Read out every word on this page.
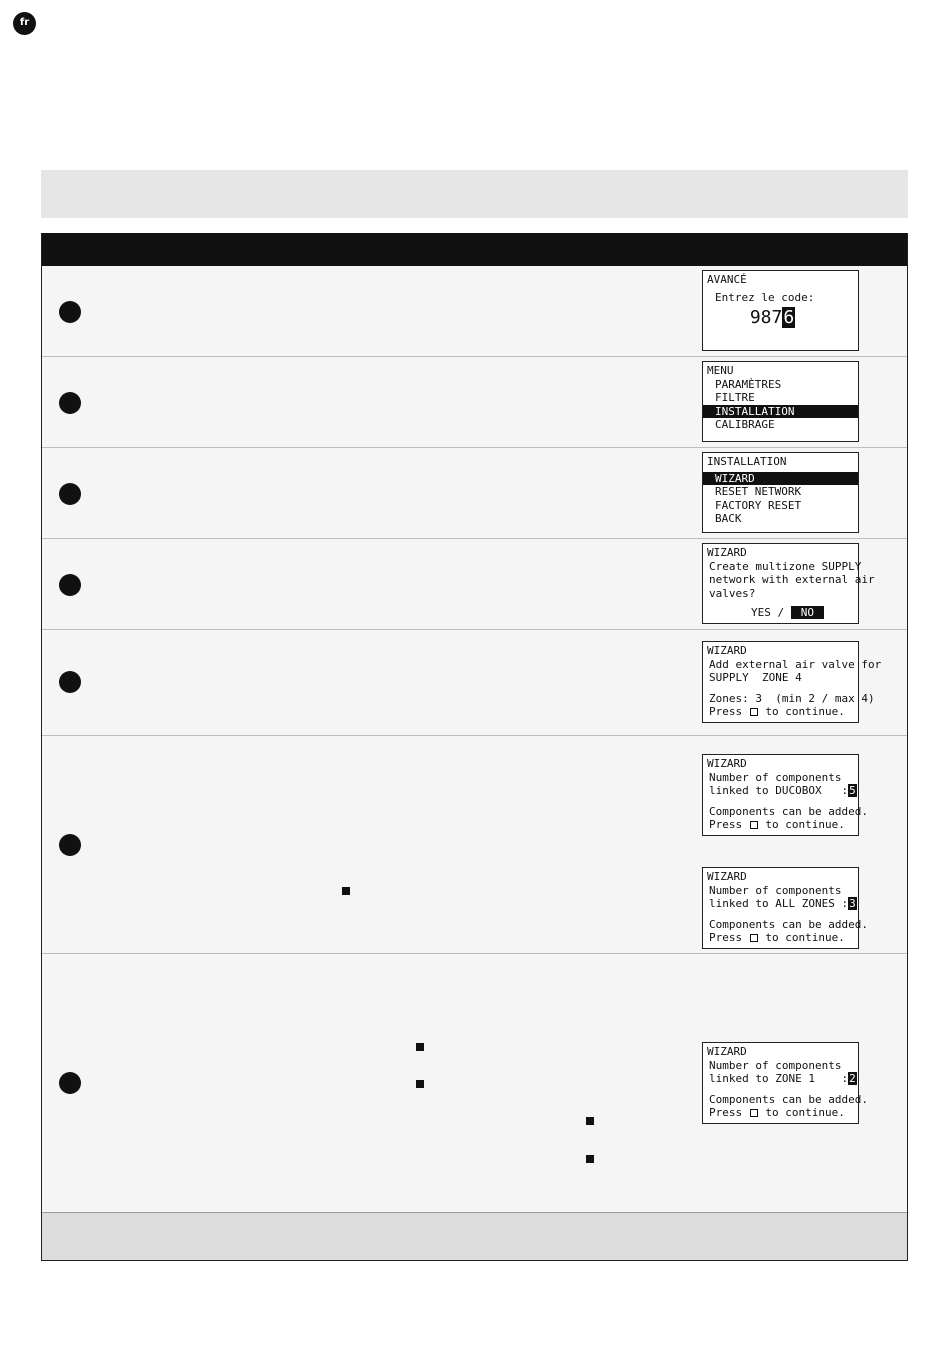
fr
AVANCÉ
Entrez le code:
9876
MENU
PARAMÈTRES
FILTRE
INSTALLATION
CALIBRAGE
INSTALLATION
WIZARD
RESET NETWORK
FACTORY RESET
BACK
WIZARD
Create multizone SUPPLY
network with external air
valves?
YES / NO
WIZARD
Add external air valve for
SUPPLY  ZONE 4
Zones: 3  (min 2 / max 4)
Press to continue.
WIZARD
Number of components
linked to DUCOBOX   :5
Components can be added.
Press to continue.
WIZARD
Number of components
linked to ALL ZONES :3
Components can be added.
Press to continue.
WIZARD
Number of components
linked to ZONE 1    :2
Components can be added.
Press to continue.
